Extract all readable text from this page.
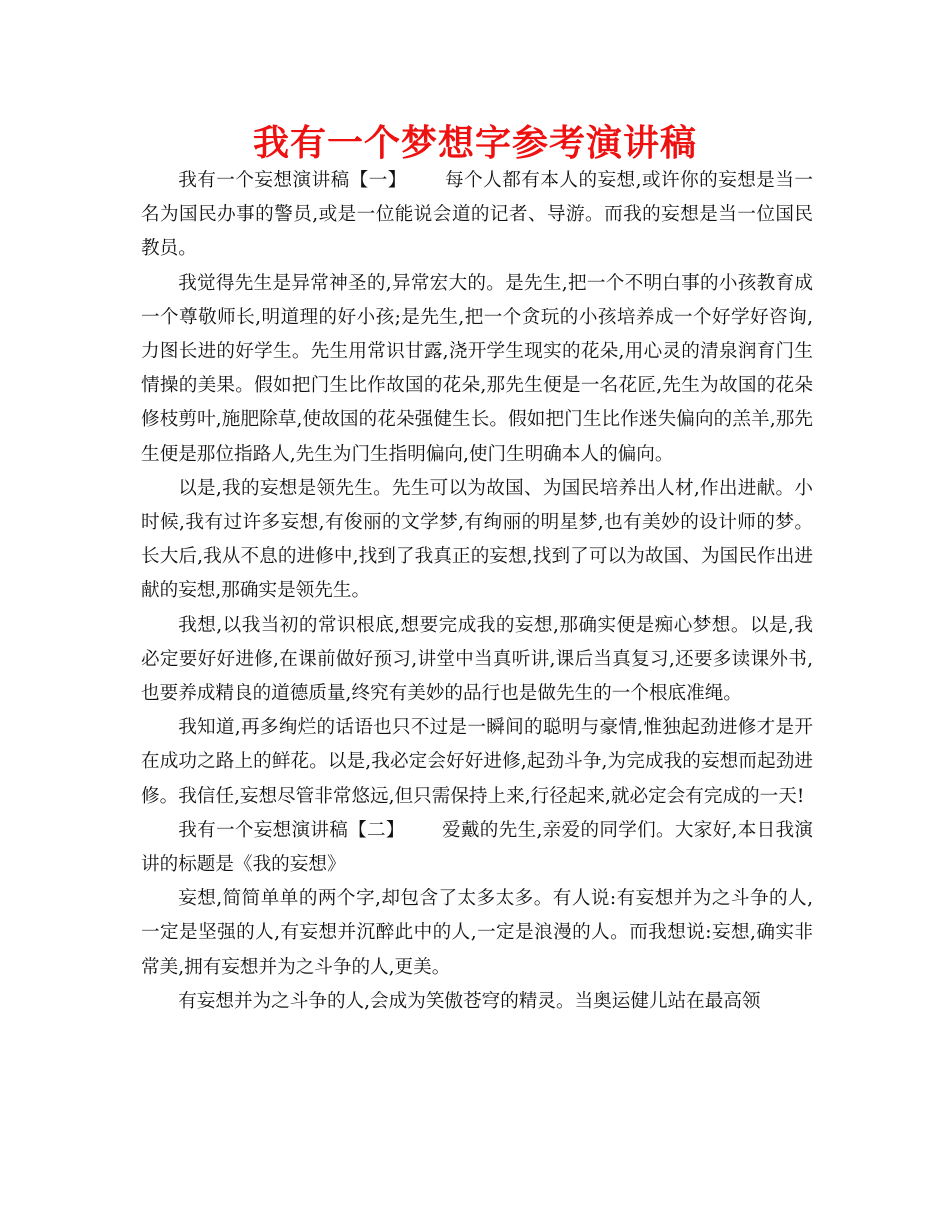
我有一个梦想字参考演讲稿

我有一个妄想演讲稿【一】      每个人都有本人的妄想,或许你的妄想是当一名为国民办事的警员,或是一位能说会道的记者、导游。而我的妄想是当一位国民教员。

我觉得先生是异常神圣的,异常宏大的。是先生,把一个不明白事的小孩教育成一个尊敬师长,明道理的好小孩;是先生,把一个贪玩的小孩培养成一个好学好咨询,力图长进的好学生。先生用常识甘露,浇开学生现实的花朵,用心灵的清泉润育门生情操的美果。假如把门生比作故国的花朵,那先生便是一名花匠,先生为故国的花朵修枝剪叶,施肥除草,使故国的花朵强健生长。假如把门生比作迷失偏向的羔羊,那先生便是那位指路人,先生为门生指明偏向,使门生明确本人的偏向。

以是,我的妄想是领先生。先生可以为故国、为国民培养出人材,作出进献。小时候,我有过许多妄想,有俊丽的文学梦,有绚丽的明星梦,也有美妙的设计师的梦。长大后,我从不息的进修中,找到了我真正的妄想,找到了可以为故国、为国民作出进献的妄想,那确实是领先生。

我想,以我当初的常识根底,想要完成我的妄想,那确实便是痴心梦想。以是,我必定要好好进修,在课前做好预习,讲堂中当真听讲,课后当真复习,还要多读课外书,也要养成精良的道德质量,终究有美妙的品行也是做先生的一个根底准绳。

我知道,再多绚烂的话语也只不过是一瞬间的聪明与豪情,惟独起劲进修才是开在成功之路上的鲜花。以是,我必定会好好进修,起劲斗争,为完成我的妄想而起劲进修。我信任,妄想尽管非常悠远,但只需保持上来,行径起来,就必定会有完成的一天!

我有一个妄想演讲稿【二】      爱戴的先生,亲爱的同学们。大家好,本日我演讲的标题是《我的妄想》

妄想,简简单单的两个字,却包含了太多太多。有人说:有妄想并为之斗争的人,一定是坚强的人,有妄想并沉醉此中的人,一定是浪漫的人。而我想说:妄想,确实非常美,拥有妄想并为之斗争的人,更美。

有妄想并为之斗争的人,会成为笑傲苍穹的精灵。当奥运健儿站在最高领
